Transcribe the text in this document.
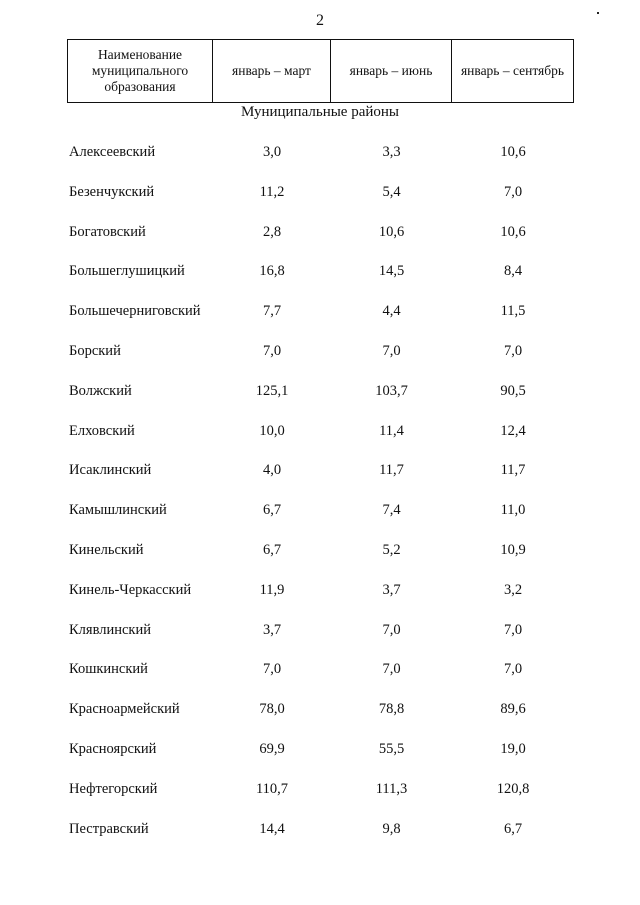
2
Наименование муниципального образования	январь – март	январь – июнь	январь – сентябрь
Муниципальные районы
Алексеевский	3,0	3,3	10,6
Безенчукский	11,2	5,4	7,0
Богатовский	2,8	10,6	10,6
Большеглушицкий	16,8	14,5	8,4
Большечерниговский	7,7	4,4	11,5
Борский	7,0	7,0	7,0
Волжский	125,1	103,7	90,5
Елховский	10,0	11,4	12,4
Исаклинский	4,0	11,7	11,7
Камышлинский	6,7	7,4	11,0
Кинельский	6,7	5,2	10,9
Кинель-Черкасский	11,9	3,7	3,2
Клявлинский	3,7	7,0	7,0
Кошкинский	7,0	7,0	7,0
Красноармейский	78,0	78,8	89,6
Красноярский	69,9	55,5	19,0
Нефтегорский	110,7	111,3	120,8
Пестравский	14,4	9,8	6,7
